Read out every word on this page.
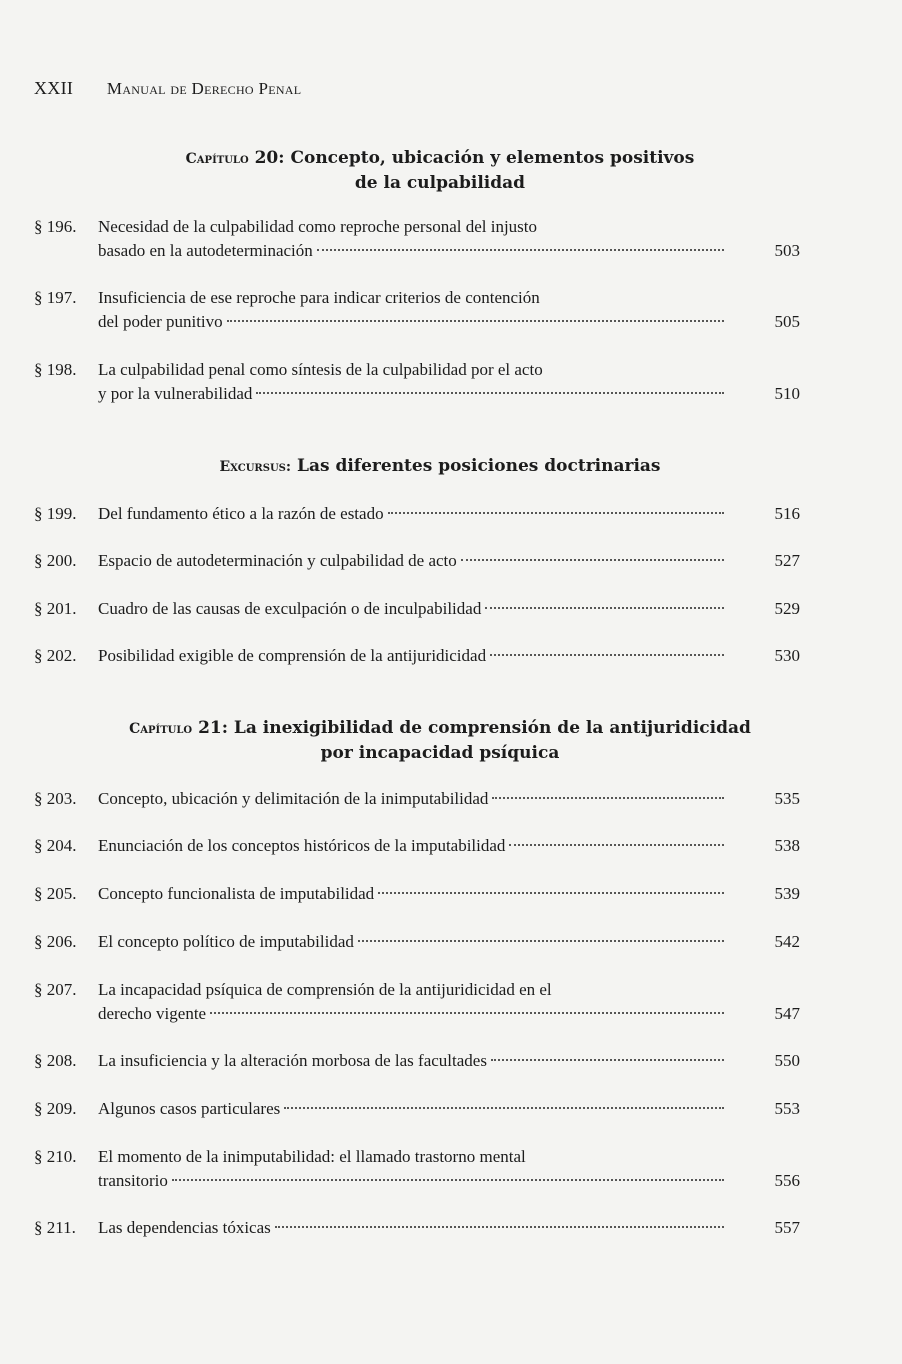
XXII Manual de Derecho Penal
Capítulo 20: Concepto, ubicación y elementos positivos
de la culpabilidad
Excursus: Las diferentes posiciones doctrinarias
Capítulo 21: La inexigibilidad de comprensión de la antijuridicidad
por incapacidad psíquica
§ 196. Necesidad de la culpabilidad como reproche personal del injusto
basado en la autodeterminación	503
§ 197. Insuficiencia de ese reproche para indicar criterios de contención
del poder punitivo	505
§ 198. La culpabilidad penal como síntesis de la culpabilidad por el acto
y por la vulnerabilidad	510
§ 199. Del fundamento ético a la razón de estado	516
§ 200. Espacio de autodeterminación y culpabilidad de acto	527
§ 201. Cuadro de las causas de exculpación o de inculpabilidad	529
§ 202. Posibilidad exigible de comprensión de la antijuridicidad	530
§ 203. Concepto, ubicación y delimitación de la inimputabilidad	535
§ 204. Enunciación de los conceptos históricos de la imputabilidad	538
§ 205. Concepto funcionalista de imputabilidad	539
§ 206. El concepto político de imputabilidad	542
§ 207. La incapacidad psíquica de comprensión de la antijuridicidad en el
derecho vigente	547
§ 208. La insuficiencia y la alteración morbosa de las facultades	550
§ 209. Algunos casos particulares	553
§ 210. El momento de la inimputabilidad: el llamado trastorno mental
transitorio	556
§ 211. Las dependencias tóxicas	557
